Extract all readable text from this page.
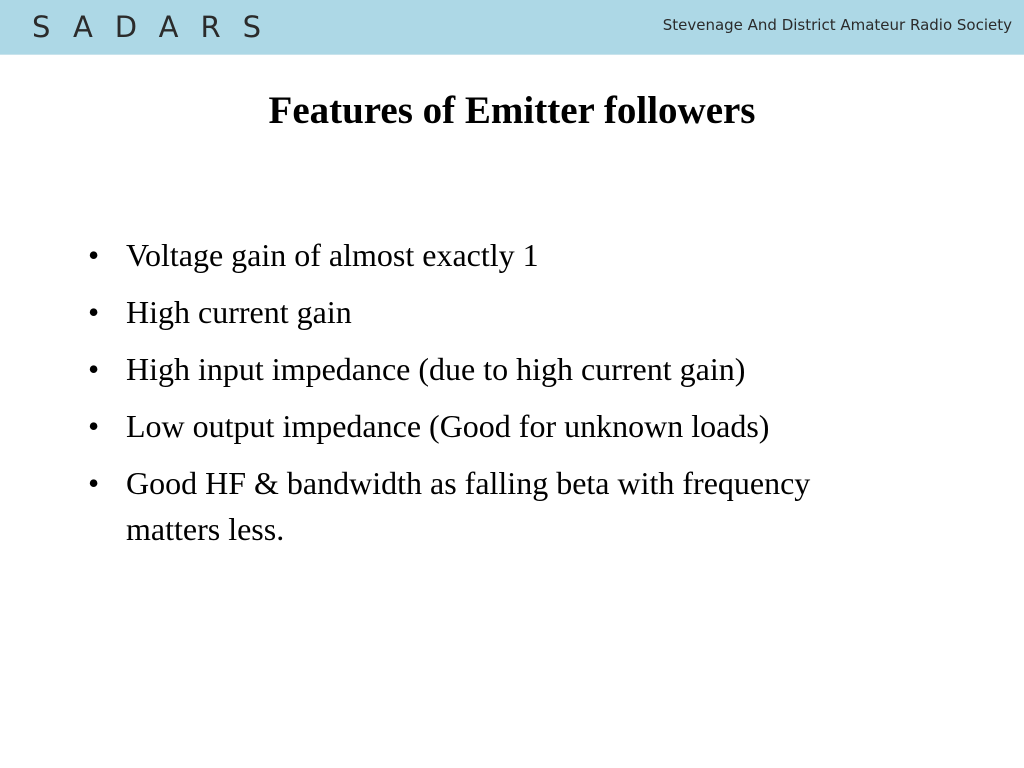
SADARS	Stevenage And District Amateur Radio Society
Features of Emitter followers
• Voltage gain of almost exactly 1
• High current gain
• High input impedance (due to high current gain)
• Low output impedance (Good for unknown loads)
• Good HF & bandwidth as falling beta with frequency matters less.
